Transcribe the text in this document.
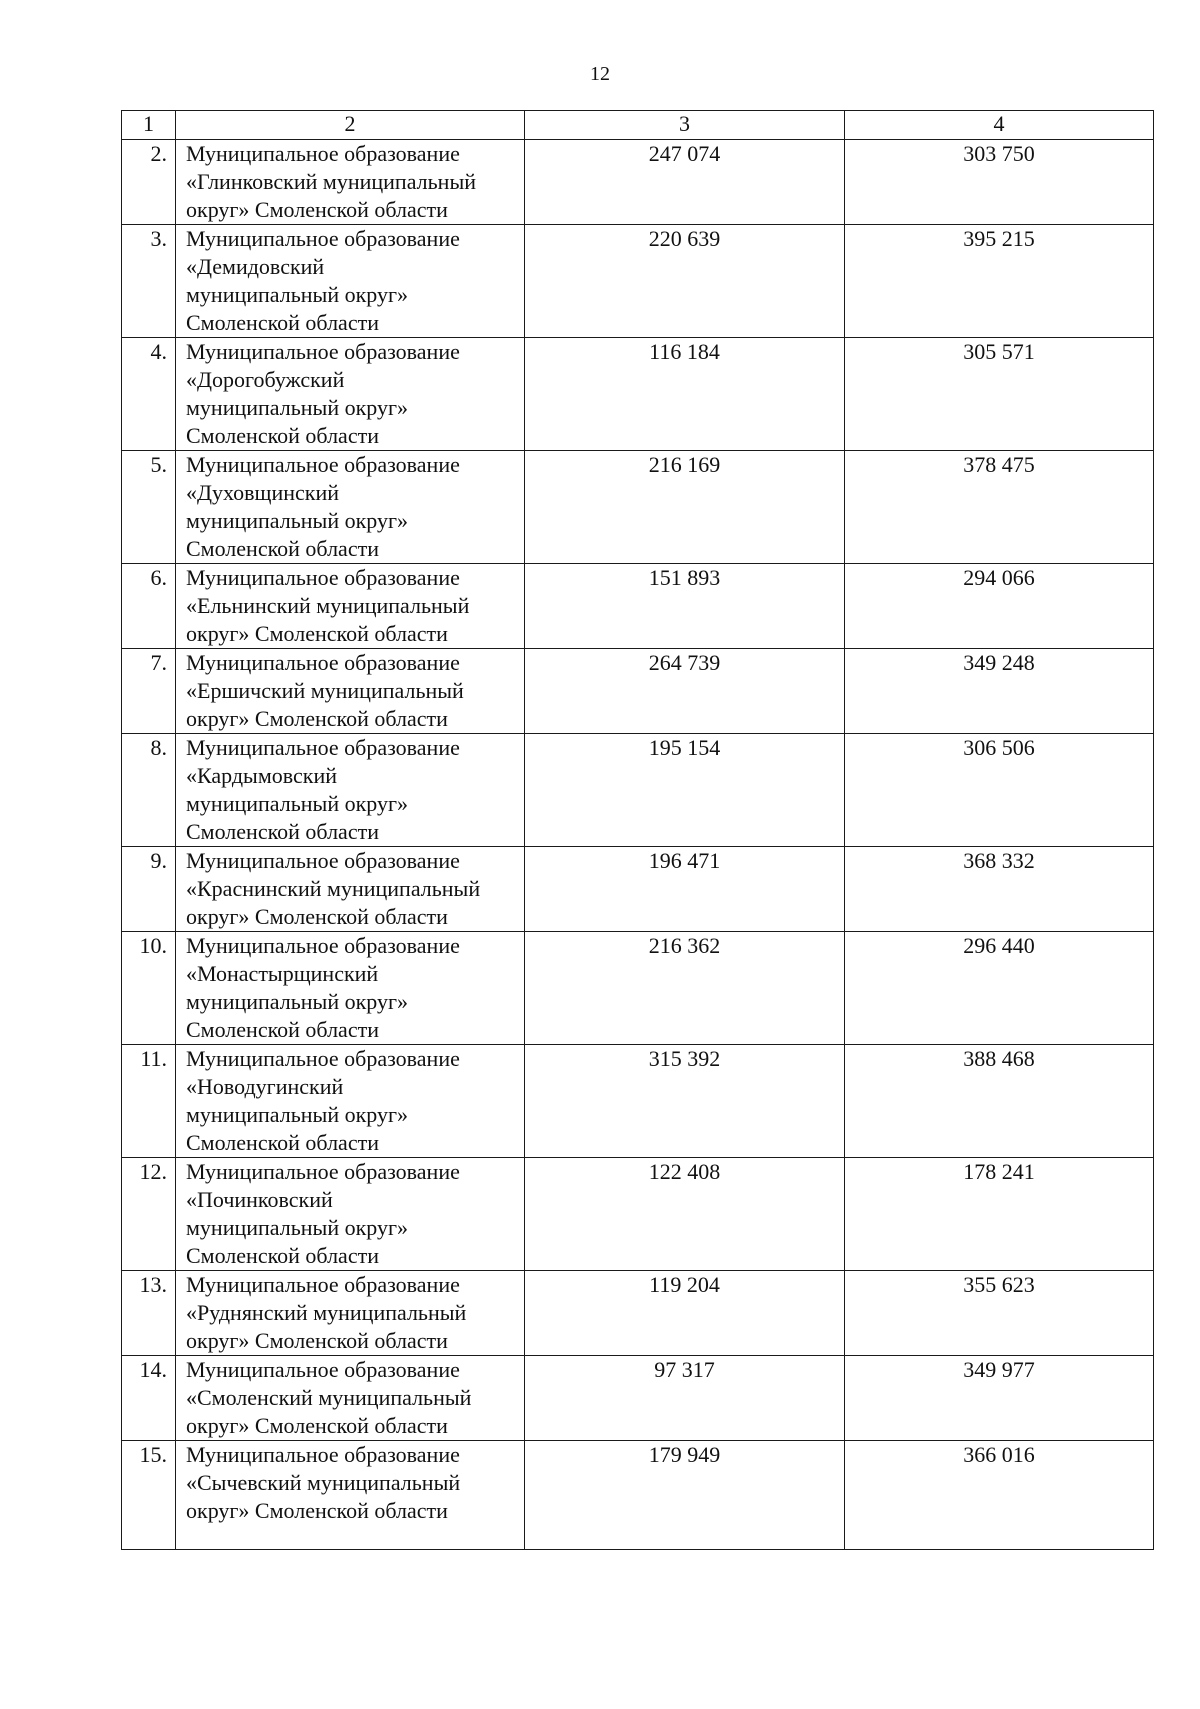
12
1	2	3	4
2.	Муниципальное образование
«Глинковский муниципальный
округ» Смоленской области	247 074	303 750
3.	Муниципальное образование
«Демидовский
муниципальный округ»
Смоленской области	220 639	395 215
4.	Муниципальное образование
«Дорогобужский
муниципальный округ»
Смоленской области	116 184	305 571
5.	Муниципальное образование
«Духовщинский
муниципальный округ»
Смоленской области	216 169	378 475
6.	Муниципальное образование
«Ельнинский муниципальный
округ» Смоленской области	151 893	294 066
7.	Муниципальное образование
«Ершичский муниципальный
округ» Смоленской области	264 739	349 248
8.	Муниципальное образование
«Кардымовский
муниципальный округ»
Смоленской области	195 154	306 506
9.	Муниципальное образование
«Краснинский муниципальный
округ» Смоленской области	196 471	368 332
10.	Муниципальное образование
«Монастырщинский
муниципальный округ»
Смоленской области	216 362	296 440
11.	Муниципальное образование
«Новодугинский
муниципальный округ»
Смоленской области	315 392	388 468
12.	Муниципальное образование
«Починковский
муниципальный округ»
Смоленской области	122 408	178 241
13.	Муниципальное образование
«Руднянский муниципальный
округ» Смоленской области	119 204	355 623
14.	Муниципальное образование
«Смоленский муниципальный
округ» Смоленской области	97 317	349 977
15.	Муниципальное образование
«Сычевский муниципальный
округ» Смоленской области	179 949	366 016
